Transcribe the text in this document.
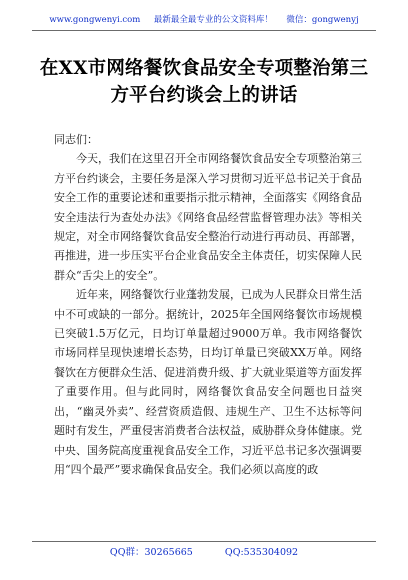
www.gongwenyi.com 最新最全最专业的公文资料库！ 微信：gongwenyj
在XX市网络餐饮食品安全专项整治第三方平台约谈会上的讲话

同志们：

今天，我们在这里召开全市网络餐饮食品安全专项整治第三方平台约谈会，主要任务是深入学习贯彻习近平总书记关于食品安全工作的重要论述和重要指示批示精神，全面落实《网络食品安全违法行为查处办法》《网络食品经营监督管理办法》等相关规定，对全市网络餐饮食品安全整治行动进行再动员、再部署，再推进，进一步压实平台企业食品安全主体责任，切实保障人民群众“舌尖上的安全”。

近年来，网络餐饮行业蓬勃发展，已成为人民群众日常生活中不可或缺的一部分。据统计，2025年全国网络餐饮市场规模已突破1.5万亿元，日均订单量超过9000万单。我市网络餐饮市场同样呈现快速增长态势，日均订单量已突破XX万单。网络餐饮在方便群众生活、促进消费升级、扩大就业渠道等方面发挥了重要作用。但与此同时，网络餐饮食品安全问题也日益突出，“幽灵外卖”、经营资质造假、违规生产、卫生不达标等问题时有发生，严重侵害消费者合法权益，威胁群众身体健康。党中央、国务院高度重视食品安全工作，习近平总书记多次强调要用“四个最严”要求确保食品安全。我们必须以高度的政

QQ群：30265665	QQ:535304092
